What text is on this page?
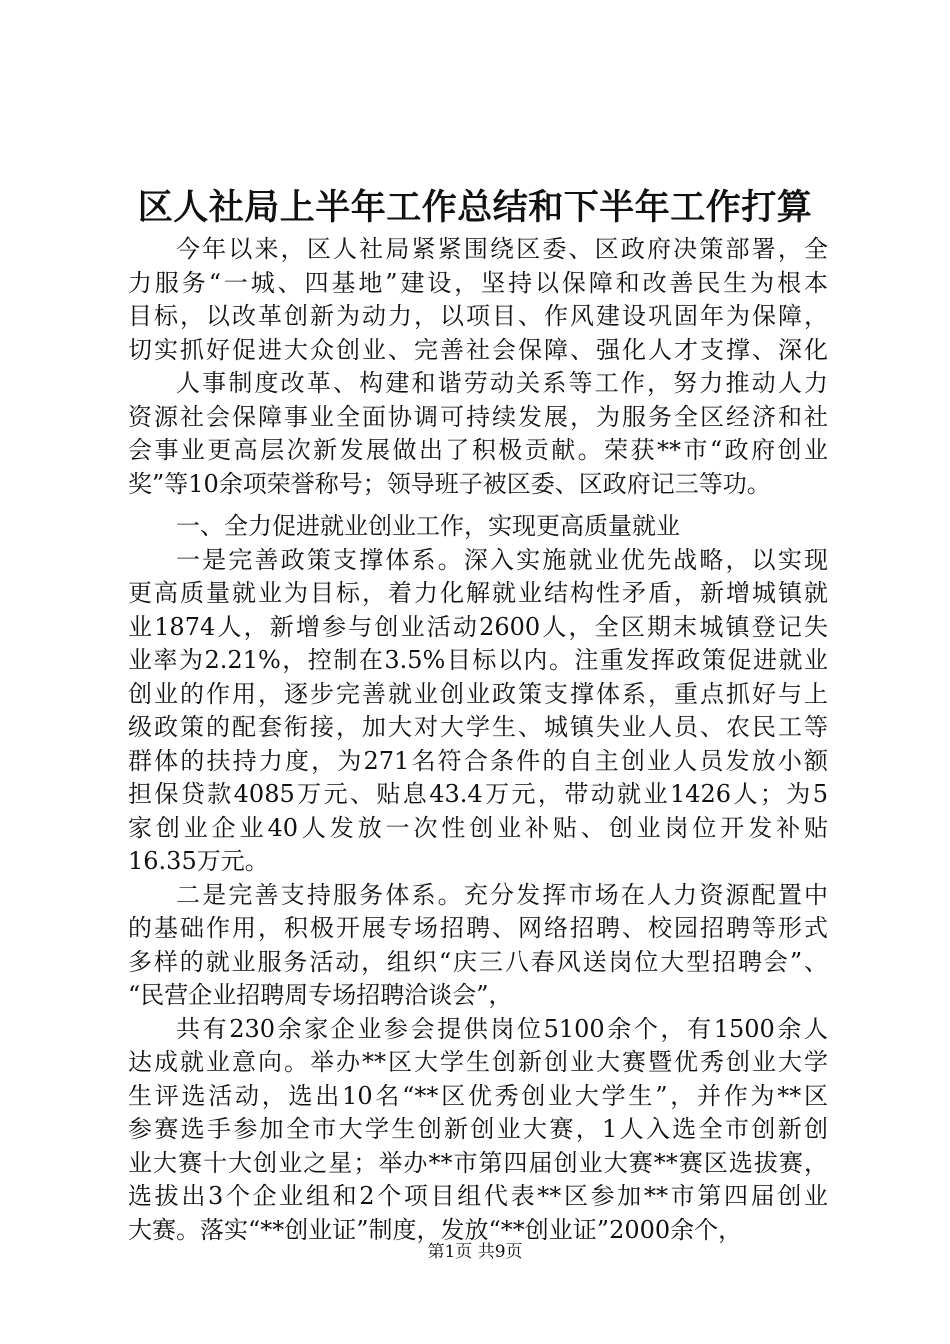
区人社局上半年工作总结和下半年工作打算
今年以来，区人社局紧紧围绕区委、区政府决策部署，全
力服务“一城、四基地”建设，坚持以保障和改善民生为根本
目标，以改革创新为动力，以项目、作风建设巩固年为保障，
切实抓好促进大众创业、完善社会保障、强化人才支撑、深化
人事制度改革、构建和谐劳动关系等工作，努力推动人力
资源社会保障事业全面协调可持续发展，为服务全区经济和社
会事业更高层次新发展做出了积极贡献。荣获**市“政府创业
奖”等10余项荣誉称号；领导班子被区委、区政府记三等功。
一、全力促进就业创业工作，实现更高质量就业
一是完善政策支撑体系。深入实施就业优先战略，以实现
更高质量就业为目标，着力化解就业结构性矛盾，新增城镇就
业1874人，新增参与创业活动2600人，全区期末城镇登记失
业率为2.21%，控制在3.5%目标以内。注重发挥政策促进就业
创业的作用，逐步完善就业创业政策支撑体系，重点抓好与上
级政策的配套衔接，加大对大学生、城镇失业人员、农民工等
群体的扶持力度，为271名符合条件的自主创业人员发放小额
担保贷款4085万元、贴息43.4万元，带动就业1426人；为5
家创业企业40人发放一次性创业补贴、创业岗位开发补贴
16.35万元。
二是完善支持服务体系。充分发挥市场在人力资源配置中
的基础作用，积极开展专场招聘、网络招聘、校园招聘等形式
多样的就业服务活动，组织“庆三八春风送岗位大型招聘会”、
“民营企业招聘周专场招聘洽谈会”，
共有230余家企业参会提供岗位5100余个，有1500余人
达成就业意向。举办**区大学生创新创业大赛暨优秀创业大学
生评选活动，选出10名“**区优秀创业大学生”，并作为**区
参赛选手参加全市大学生创新创业大赛，1人入选全市创新创
业大赛十大创业之星；举办**市第四届创业大赛**赛区选拔赛，
选拔出3个企业组和2个项目组代表**区参加**市第四届创业
大赛。落实“**创业证”制度，发放“**创业证”2000余个，
第1页 共9页
